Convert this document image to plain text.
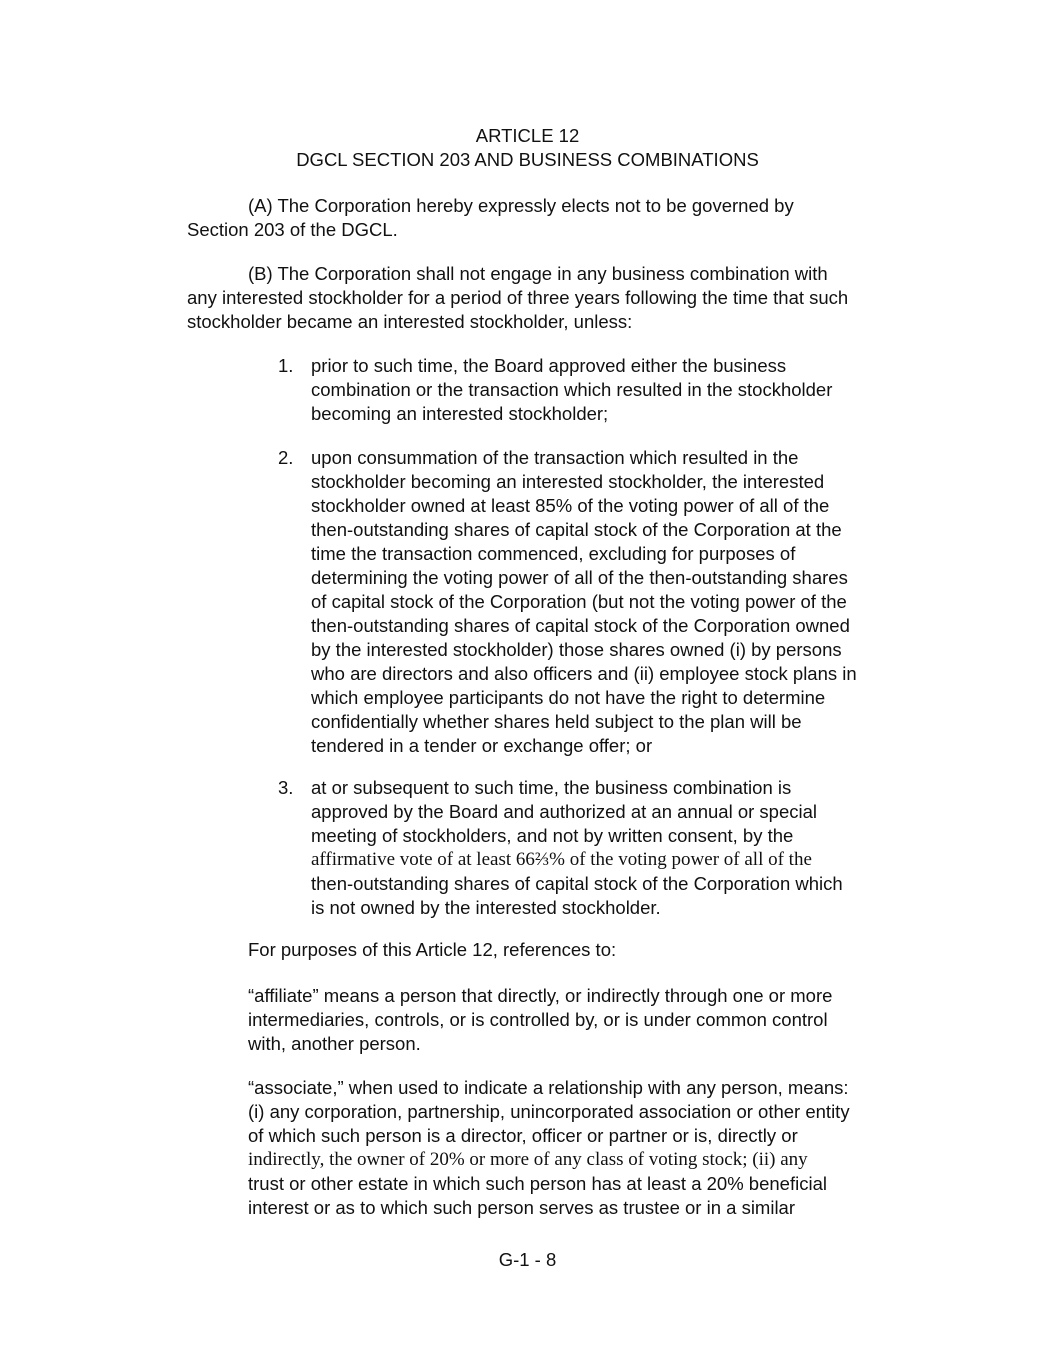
ARTICLE 12
DGCL SECTION 203 AND BUSINESS COMBINATIONS
(A) The Corporation hereby expressly elects not to be governed by
Section 203 of the DGCL.
(B) The Corporation shall not engage in any business combination with
any interested stockholder for a period of three years following the time that such
stockholder became an interested stockholder, unless:
1. prior to such time, the Board approved either the business
combination or the transaction which resulted in the stockholder
becoming an interested stockholder;
2. upon consummation of the transaction which resulted in the
stockholder becoming an interested stockholder, the interested
stockholder owned at least 85% of the voting power of all of the
then-outstanding shares of capital stock of the Corporation at the
time the transaction commenced, excluding for purposes of
determining the voting power of all of the then-outstanding shares
of capital stock of the Corporation (but not the voting power of the
then-outstanding shares of capital stock of the Corporation owned
by the interested stockholder) those shares owned (i) by persons
who are directors and also officers and (ii) employee stock plans in
which employee participants do not have the right to determine
confidentially whether shares held subject to the plan will be
tendered in a tender or exchange offer; or
3. at or subsequent to such time, the business combination is
approved by the Board and authorized at an annual or special
meeting of stockholders, and not by written consent, by the
affirmative vote of at least 66⅔% of the voting power of all of the
then-outstanding shares of capital stock of the Corporation which
is not owned by the interested stockholder.
For purposes of this Article 12, references to:
“affiliate” means a person that directly, or indirectly through one or more
intermediaries, controls, or is controlled by, or is under common control
with, another person.
“associate,” when used to indicate a relationship with any person, means:
(i) any corporation, partnership, unincorporated association or other entity
of which such person is a director, officer or partner or is, directly or
indirectly, the owner of 20% or more of any class of voting stock; (ii) any
trust or other estate in which such person has at least a 20% beneficial
interest or as to which such person serves as trustee or in a similar
G-1 - 8
